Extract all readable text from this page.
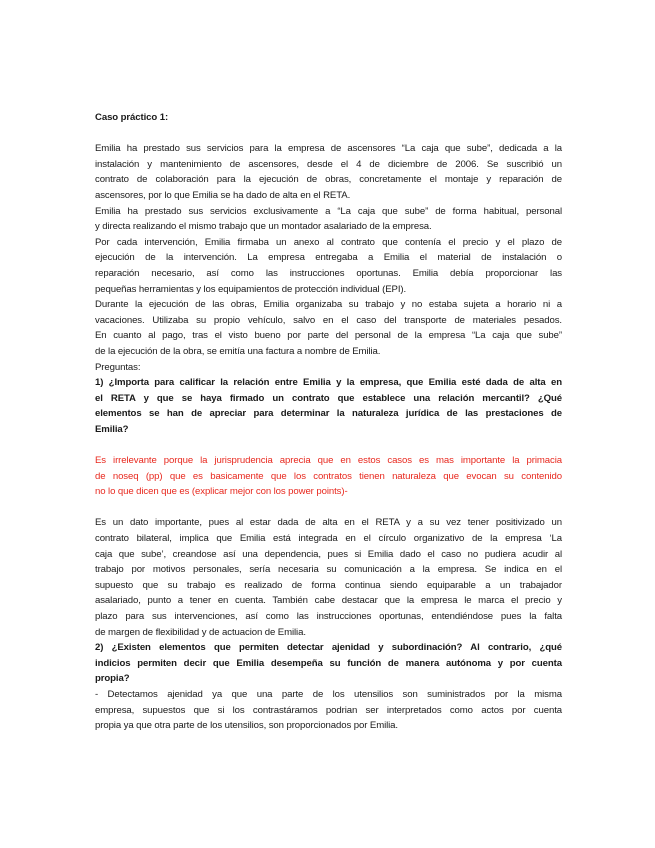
Caso práctico 1:
Emilia ha prestado sus servicios para la empresa de ascensores “La caja que sube”, dedicada a la
instalación y mantenimiento de ascensores, desde el 4 de diciembre de 2006. Se suscribió un
contrato de colaboración para la ejecución de obras, concretamente el montaje y reparación de
ascensores, por lo que Emilia se ha dado de alta en el RETA.
Emilia ha prestado sus servicios exclusivamente a “La caja que sube” de forma habitual, personal
y directa realizando el mismo trabajo que un montador asalariado de la empresa.
Por cada intervención, Emilia firmaba un anexo al contrato que contenía el precio y el plazo de
ejecución de la intervención. La empresa entregaba a Emilia el material de instalación o
reparación necesario, así como las instrucciones oportunas. Emilia debía proporcionar las
pequeñas herramientas y los equipamientos de protección individual (EPI).
Durante la ejecución de las obras, Emilia organizaba su trabajo y no estaba sujeta a horario ni a
vacaciones. Utilizaba su propio vehículo, salvo en el caso del transporte de materiales pesados.
En cuanto al pago, tras el visto bueno por parte del personal de la empresa “La caja que sube”
de la ejecución de la obra, se emitía una factura a nombre de Emilia.
Preguntas:
1) ¿Importa para calificar la relación entre Emilia y la empresa, que Emilia esté dada de alta en
el RETA y que se haya firmado un contrato que establece una relación mercantil? ¿Qué
elementos se han de apreciar para determinar la naturaleza jurídica de las prestaciones de
Emilia?
Es irrelevante porque la jurisprudencia aprecia que en estos casos es mas importante la primacia
de noseq (pp) que es basicamente que los contratos tienen naturaleza que evocan su contenido
no lo que dicen que es (explicar mejor con los power points)-
Es un dato importante, pues al estar dada de alta en el RETA y a su vez tener positivizado un
contrato bilateral, implica que Emilia está integrada en el círculo organizativo de la empresa ‘La
caja que sube’, creandose así una dependencia, pues si Emilia dado el caso no pudiera acudir al
trabajo por motivos personales, sería necesaria su comunicación a la empresa. Se indica en el
supuesto que su trabajo es realizado de forma continua siendo equiparable a un trabajador
asalariado, punto a tener en cuenta. También cabe destacar que la empresa le marca el precio y
plazo para sus intervenciones, así como las instrucciones oportunas, entendiéndose pues la falta
de margen de flexibilidad y de actuacion de Emilia.
2) ¿Existen elementos que permiten detectar ajenidad y subordinación? Al contrario, ¿qué
indicios permiten decir que Emilia desempeña su función de manera autónoma y por cuenta
propia?
- Detectamos ajenidad ya que una parte de los utensilios son suministrados por la misma
empresa, supuestos que si los contrastáramos podrian ser interpretados como actos por cuenta
propia ya que otra parte de los utensilios, son proporcionados por Emilia.
